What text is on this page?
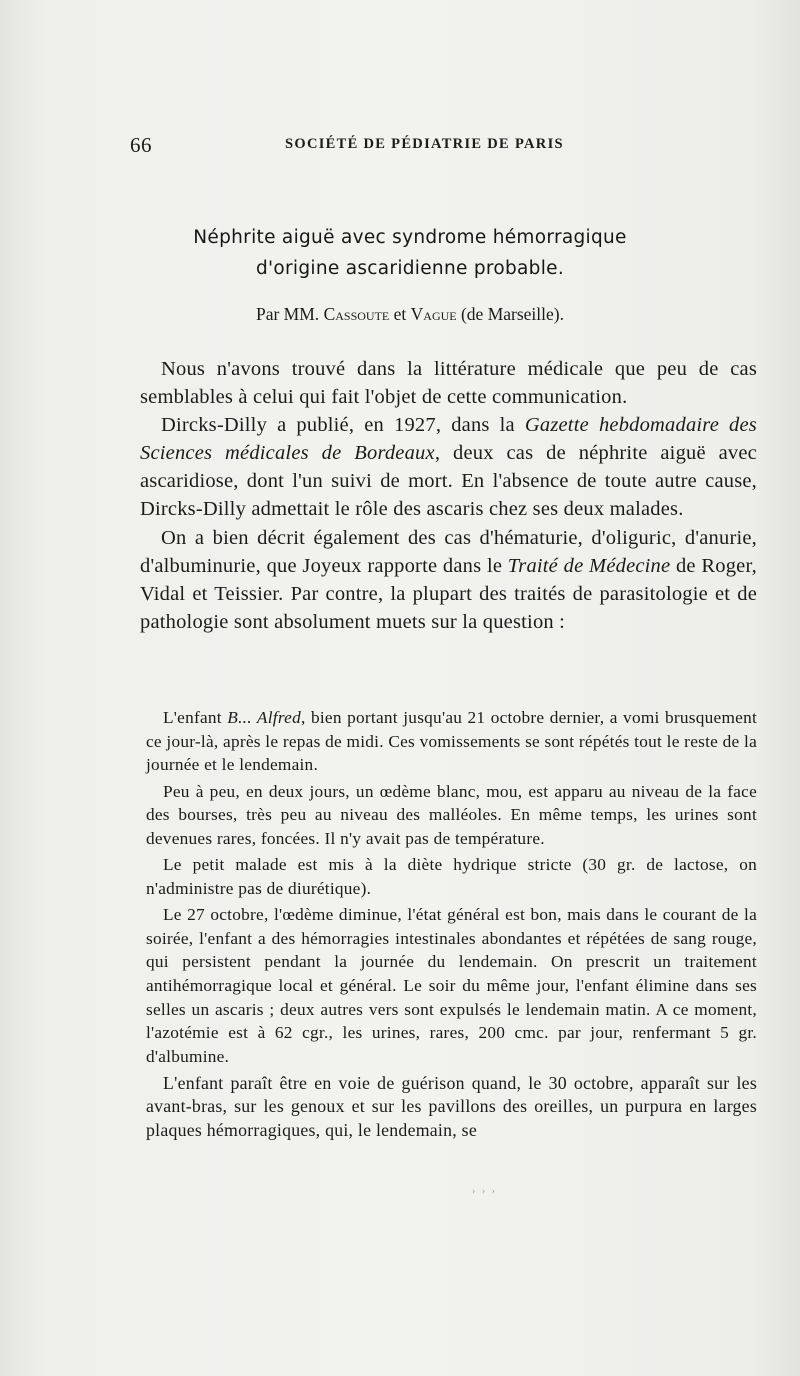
66	SOCIÉTÉ DE PÉDIATRIE DE PARIS
Néphrite aiguë avec syndrome hémorragique
d'origine ascaridienne probable.
Par MM. Cassoute et Vague (de Marseille).

Nous n'avons trouvé dans la littérature médicale que peu de cas semblables à celui qui fait l'objet de cette communication.

Dircks-Dilly a publié, en 1927, dans la Gazette hebdomadaire des Sciences médicales de Bordeaux, deux cas de néphrite aiguë avec ascaridiose, dont l'un suivi de mort. En l'absence de toute autre cause, Dircks-Dilly admettait le rôle des ascaris chez ses deux malades.

On a bien décrit également des cas d'hématurie, d'oliguric, d'anurie, d'albuminurie, que Joyeux rapporte dans le Traité de Médecine de Roger, Vidal et Teissier. Par contre, la plupart des traités de parasitologie et de pathologie sont absolument muets sur la question :

L'enfant B... Alfred, bien portant jusqu'au 21 octobre dernier, a vomi brusquement ce jour-là, après le repas de midi. Ces vomissements se sont répétés tout le reste de la journée et le lendemain.

Peu à peu, en deux jours, un œdème blanc, mou, est apparu au niveau de la face des bourses, très peu au niveau des malléoles. En même temps, les urines sont devenues rares, foncées. Il n'y avait pas de température.

Le petit malade est mis à la diète hydrique stricte (30 gr. de lactose, on n'administre pas de diurétique).

Le 27 octobre, l'œdème diminue, l'état général est bon, mais dans le courant de la soirée, l'enfant a des hémorragies intestinales abondantes et répétées de sang rouge, qui persistent pendant la journée du lendemain. On prescrit un traitement antihémorragique local et général. Le soir du même jour, l'enfant élimine dans ses selles un ascaris ; deux autres vers sont expulsés le lendemain matin. A ce moment, l'azotémie est à 62 cgr., les urines, rares, 200 cmc. par jour, renfermant 5 gr. d'albumine.

L'enfant paraît être en voie de guérison quand, le 30 octobre, apparaît sur les avant-bras, sur les genoux et sur les pavillons des oreilles, un purpura en larges plaques hémorragiques, qui, le lendemain, se

› › ›
